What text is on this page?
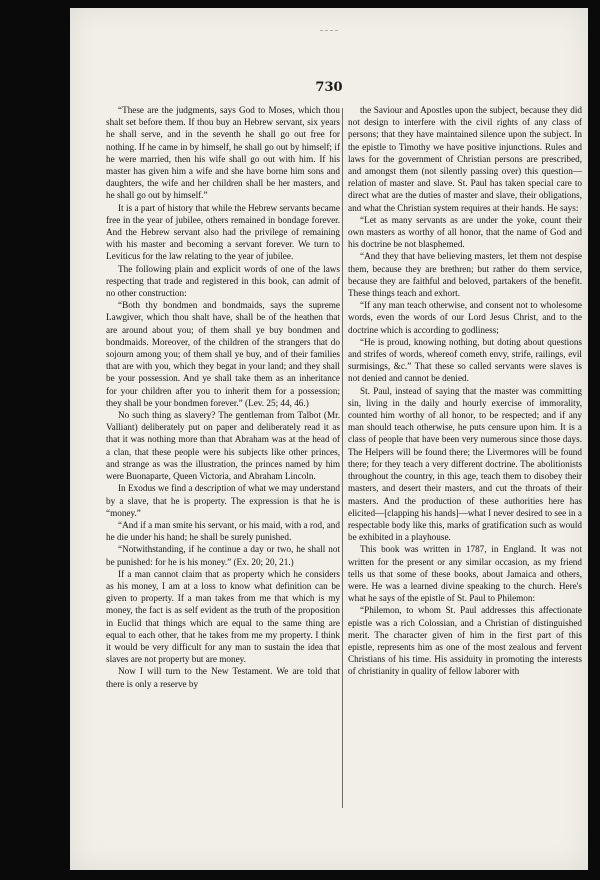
730

“These are the judgments, says God to Moses, which thou shalt set before them. If thou buy an Hebrew servant, six years he shall serve, and in the seventh he shall go out free for nothing. If he came in by himself, he shall go out by himself; if he were married, then his wife shall go out with him. If his master has given him a wife and she have borne him sons and daughters, the wife and her children shall be her masters, and he shall go out by himself.”

It is a part of history that while the Hebrew servants became free in the year of jubilee, others remained in bondage forever. And the Hebrew servant also had the privilege of remaining with his master and becoming a servant forever. We turn to Leviticus for the law relating to the year of jubilee.

The following plain and explicit words of one of the laws respecting that trade and registered in this book, can admit of no other construction:

“Both thy bondmen and bondmaids, says the supreme Lawgiver, which thou shalt have, shall be of the heathen that are around about you; of them shall ye buy bondmen and bondmaids. Moreover, of the children of the strangers that do sojourn among you; of them shall ye buy, and of their families that are with you, which they begat in your land; and they shall be your possession. And ye shall take them as an inheritance for your children after you to inherit them for a possession; they shall be your bondmen forever.” (Lev. 25; 44, 46.)

No such thing as slavery? The gentleman from Talbot (Mr. Valliant) deliberately put on paper and deliberately read it as that it was nothing more than that Abraham was at the head of a clan, that these people were his subjects like other princes, and strange as was the illustration, the princes named by him were Buonaparte, Queen Victoria, and Abraham Lincoln.

In Exodus we find a description of what we may understand by a slave, that he is property. The expression is that he is “money.”

“And if a man smite his servant, or his maid, with a rod, and he die under his hand; he shall be surely punished.

“Notwithstanding, if he continue a day or two, he shall not be punished: for he is his money.” (Ex. 20; 20, 21.)

If a man cannot claim that as property which he considers as his money, I am at a loss to know what definition can be given to property. If a man takes from me that which is my money, the fact is as self evident as the truth of the proposition in Euclid that things which are equal to the same thing are equal to each other, that he takes from me my property. I think it would be very difficult for any man to sustain the idea that slaves are not property but are money.

Now I will turn to the New Testament. We are told that there is only a reserve by

the Saviour and Apostles upon the subject, because they did not design to interfere with the civil rights of any class of persons; that they have maintained silence upon the subject. In the epistle to Timothy we have positive injunctions. Rules and laws for the government of Christian persons are prescribed, and amongst them (not silently passing over) this question—relation of master and slave. St. Paul has taken special care to direct what are the duties of master and slave, their obligations, and what the Christian system requires at their hands. He says:

“Let as many servants as are under the yoke, count their own masters as worthy of all honor, that the name of God and his doctrine be not blasphemed.

“And they that have believing masters, let them not despise them, because they are brethren; but rather do them service, because they are faithful and beloved, partakers of the benefit. These things teach and exhort.

“If any man teach otherwise, and consent not to wholesome words, even the words of our Lord Jesus Christ, and to the doctrine which is according to godliness;

“He is proud, knowing nothing, but doting about questions and strifes of words, whereof cometh envy, strife, railings, evil surmisings, &c.” That these so called servants were slaves is not denied and cannot be denied.

St. Paul, instead of saying that the master was committing sin, living in the daily and hourly exercise of immorality, counted him worthy of all honor, to be respected; and if any man should teach otherwise, he puts censure upon him. It is a class of people that have been very numerous since those days. The Helpers will be found there; the Livermores will be found there; for they teach a very different doctrine. The abolitionists throughout the country, in this age, teach them to disobey their masters, and desert their masters, and cut the throats of their masters. And the production of these authorities here has elicited—[clapping his hands]—what I never desired to see in a respectable body like this, marks of gratification such as would be exhibited in a playhouse.

This book was written in 1787, in England. It was not written for the present or any similar occasion, as my friend tells us that some of these books, about Jamaica and others, were. He was a learned divine speaking to the church. Here's what he says of the epistle of St. Paul to Philemon:

“Philemon, to whom St. Paul addresses this affectionate epistle was a rich Colossian, and a Christian of distinguished merit. The character given of him in the first part of this epistle, represents him as one of the most zealous and fervent Christians of his time. His assiduity in promoting the interests of christianity in quality of fellow laborer with
